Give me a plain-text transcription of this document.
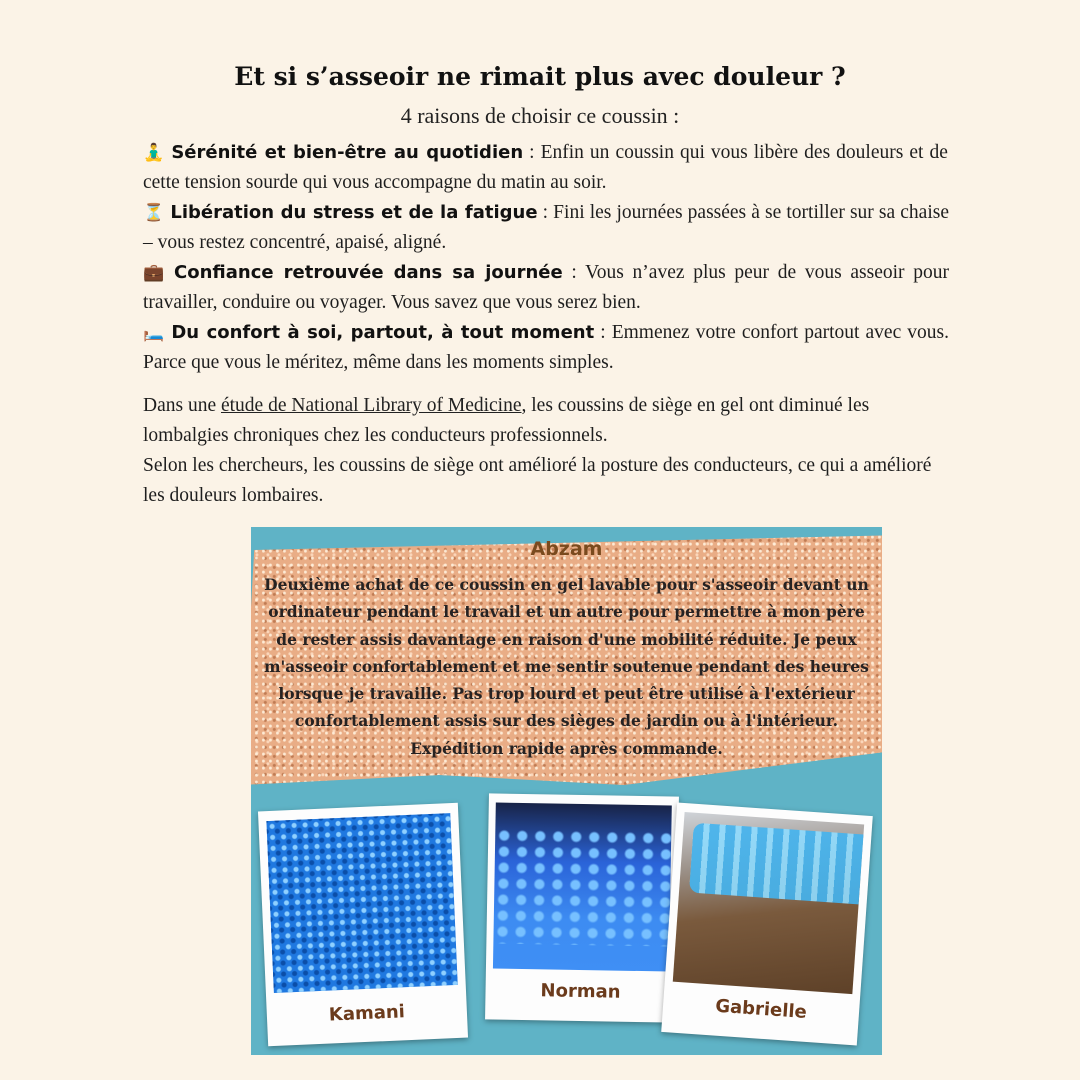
Et si s’asseoir ne rimait plus avec douleur ?
4 raisons de choisir ce coussin :

🧘‍♂️ Sérénité et bien-être au quotidien : Enfin un coussin qui vous libère des douleurs et de cette tension sourde qui vous accompagne du matin au soir.

⏳ Libération du stress et de la fatigue : Fini les journées passées à se tortiller sur sa chaise – vous restez concentré, apaisé, aligné.

💼 Confiance retrouvée dans sa journée : Vous n’avez plus peur de vous asseoir pour travailler, conduire ou voyager. Vous savez que vous serez bien.

🛏️ Du confort à soi, partout, à tout moment : Emmenez votre confort partout avec vous. Parce que vous le méritez, même dans les moments simples.

Dans une étude de National Library of Medicine, les coussins de siège en gel ont diminué les lombalgies chroniques chez les conducteurs professionnels.

Selon les chercheurs, les coussins de siège ont amélioré la posture des conducteurs, ce qui a amélioré les douleurs lombaires.

Abzam
Deuxième achat de ce coussin en gel lavable pour s'asseoir devant un
ordinateur pendant le travail et un autre pour permettre à mon père
de rester assis davantage en raison d'une mobilité réduite. Je peux
m'asseoir confortablement et me sentir soutenue pendant des heures
lorsque je travaille. Pas trop lourd et peut être utilisé à l'extérieur
confortablement assis sur des sièges de jardin ou à l'intérieur.
Expédition rapide après commande.
Kamani
Norman
Gabrielle
